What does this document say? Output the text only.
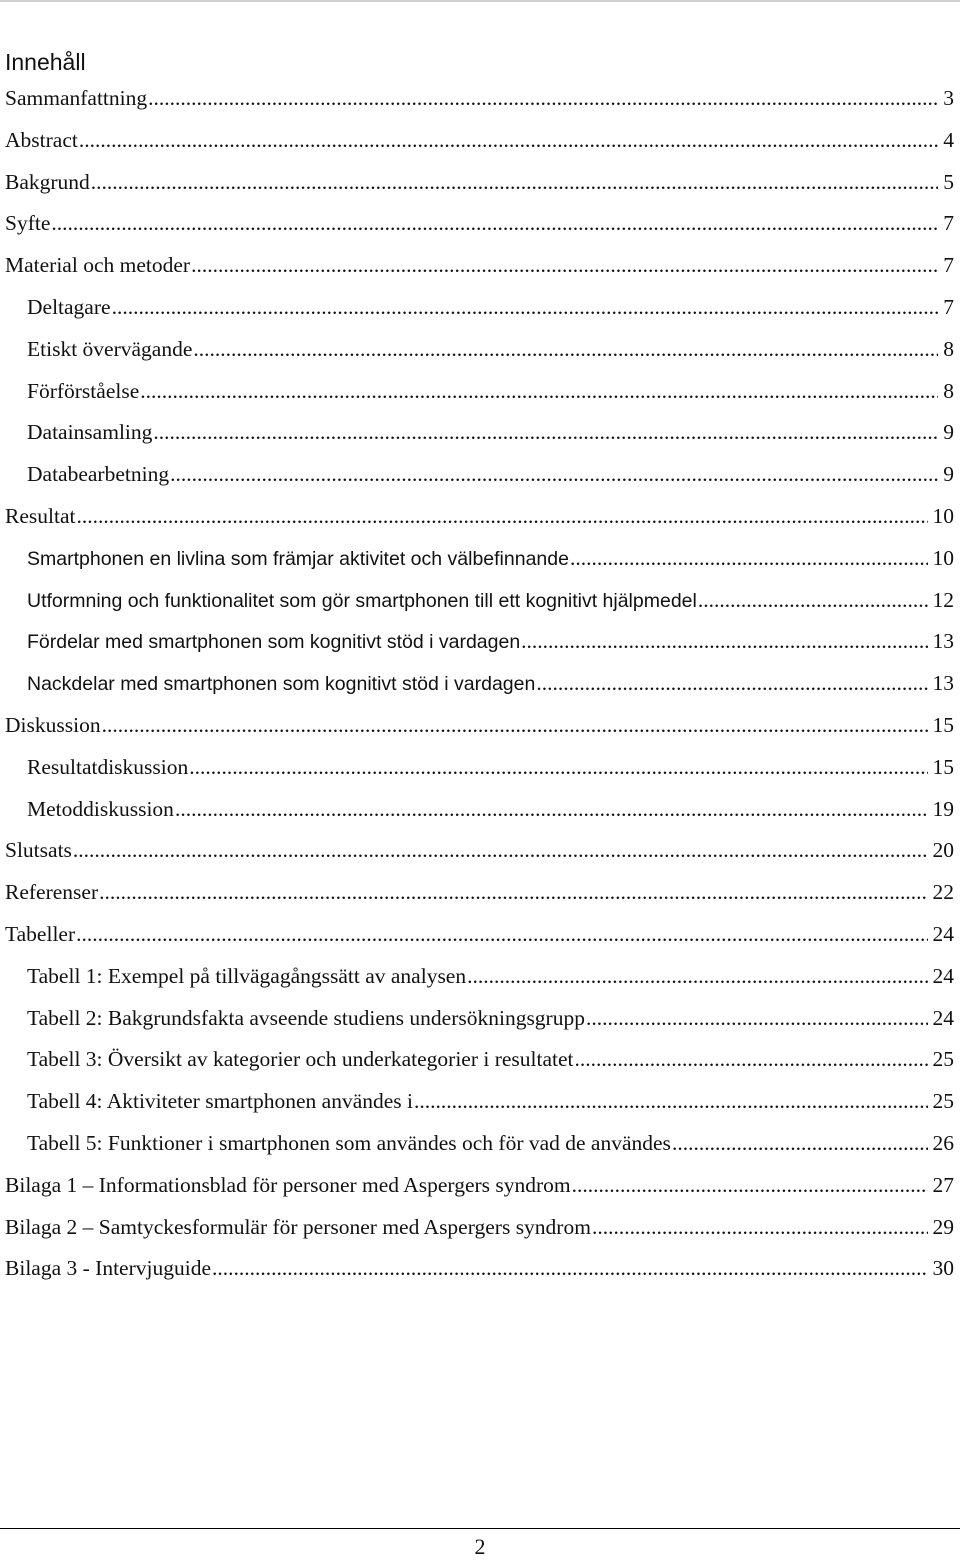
Innehåll
Sammanfattning .....	3
Abstract .....	4
Bakgrund .....	5
Syfte .....	7
Material och metoder .....	7
Deltagare .....	7
Etiskt övervägande .....	8
Förförståelse .....	8
Datainsamling .....	9
Databearbetning .....	9
Resultat .....	10
Smartphonen en livlina som främjar aktivitet och välbefinnande .....	10
Utformning och funktionalitet som gör smartphonen till ett kognitivt hjälpmedel .....	12
Fördelar med smartphonen som kognitivt stöd i vardagen .....	13
Nackdelar med smartphonen som kognitivt stöd i vardagen .....	13
Diskussion .....	15
Resultatdiskussion .....	15
Metoddiskussion .....	19
Slutsats .....	20
Referenser .....	22
Tabeller .....	24
Tabell 1: Exempel på tillvägagångssätt av analysen .....	24
Tabell 2: Bakgrundsfakta avseende studiens undersökningsgrupp .....	24
Tabell 3: Översikt av kategorier och underkategorier i resultatet .....	25
Tabell 4: Aktiviteter smartphonen användes i .....	25
Tabell 5: Funktioner i smartphonen som användes och för vad de användes .....	26
Bilaga 1 – Informationsblad för personer med Aspergers syndrom .....	27
Bilaga 2 – Samtyckesformulär för personer med Aspergers syndrom .....	29
Bilaga 3 - Intervjuguide .....	30
2
